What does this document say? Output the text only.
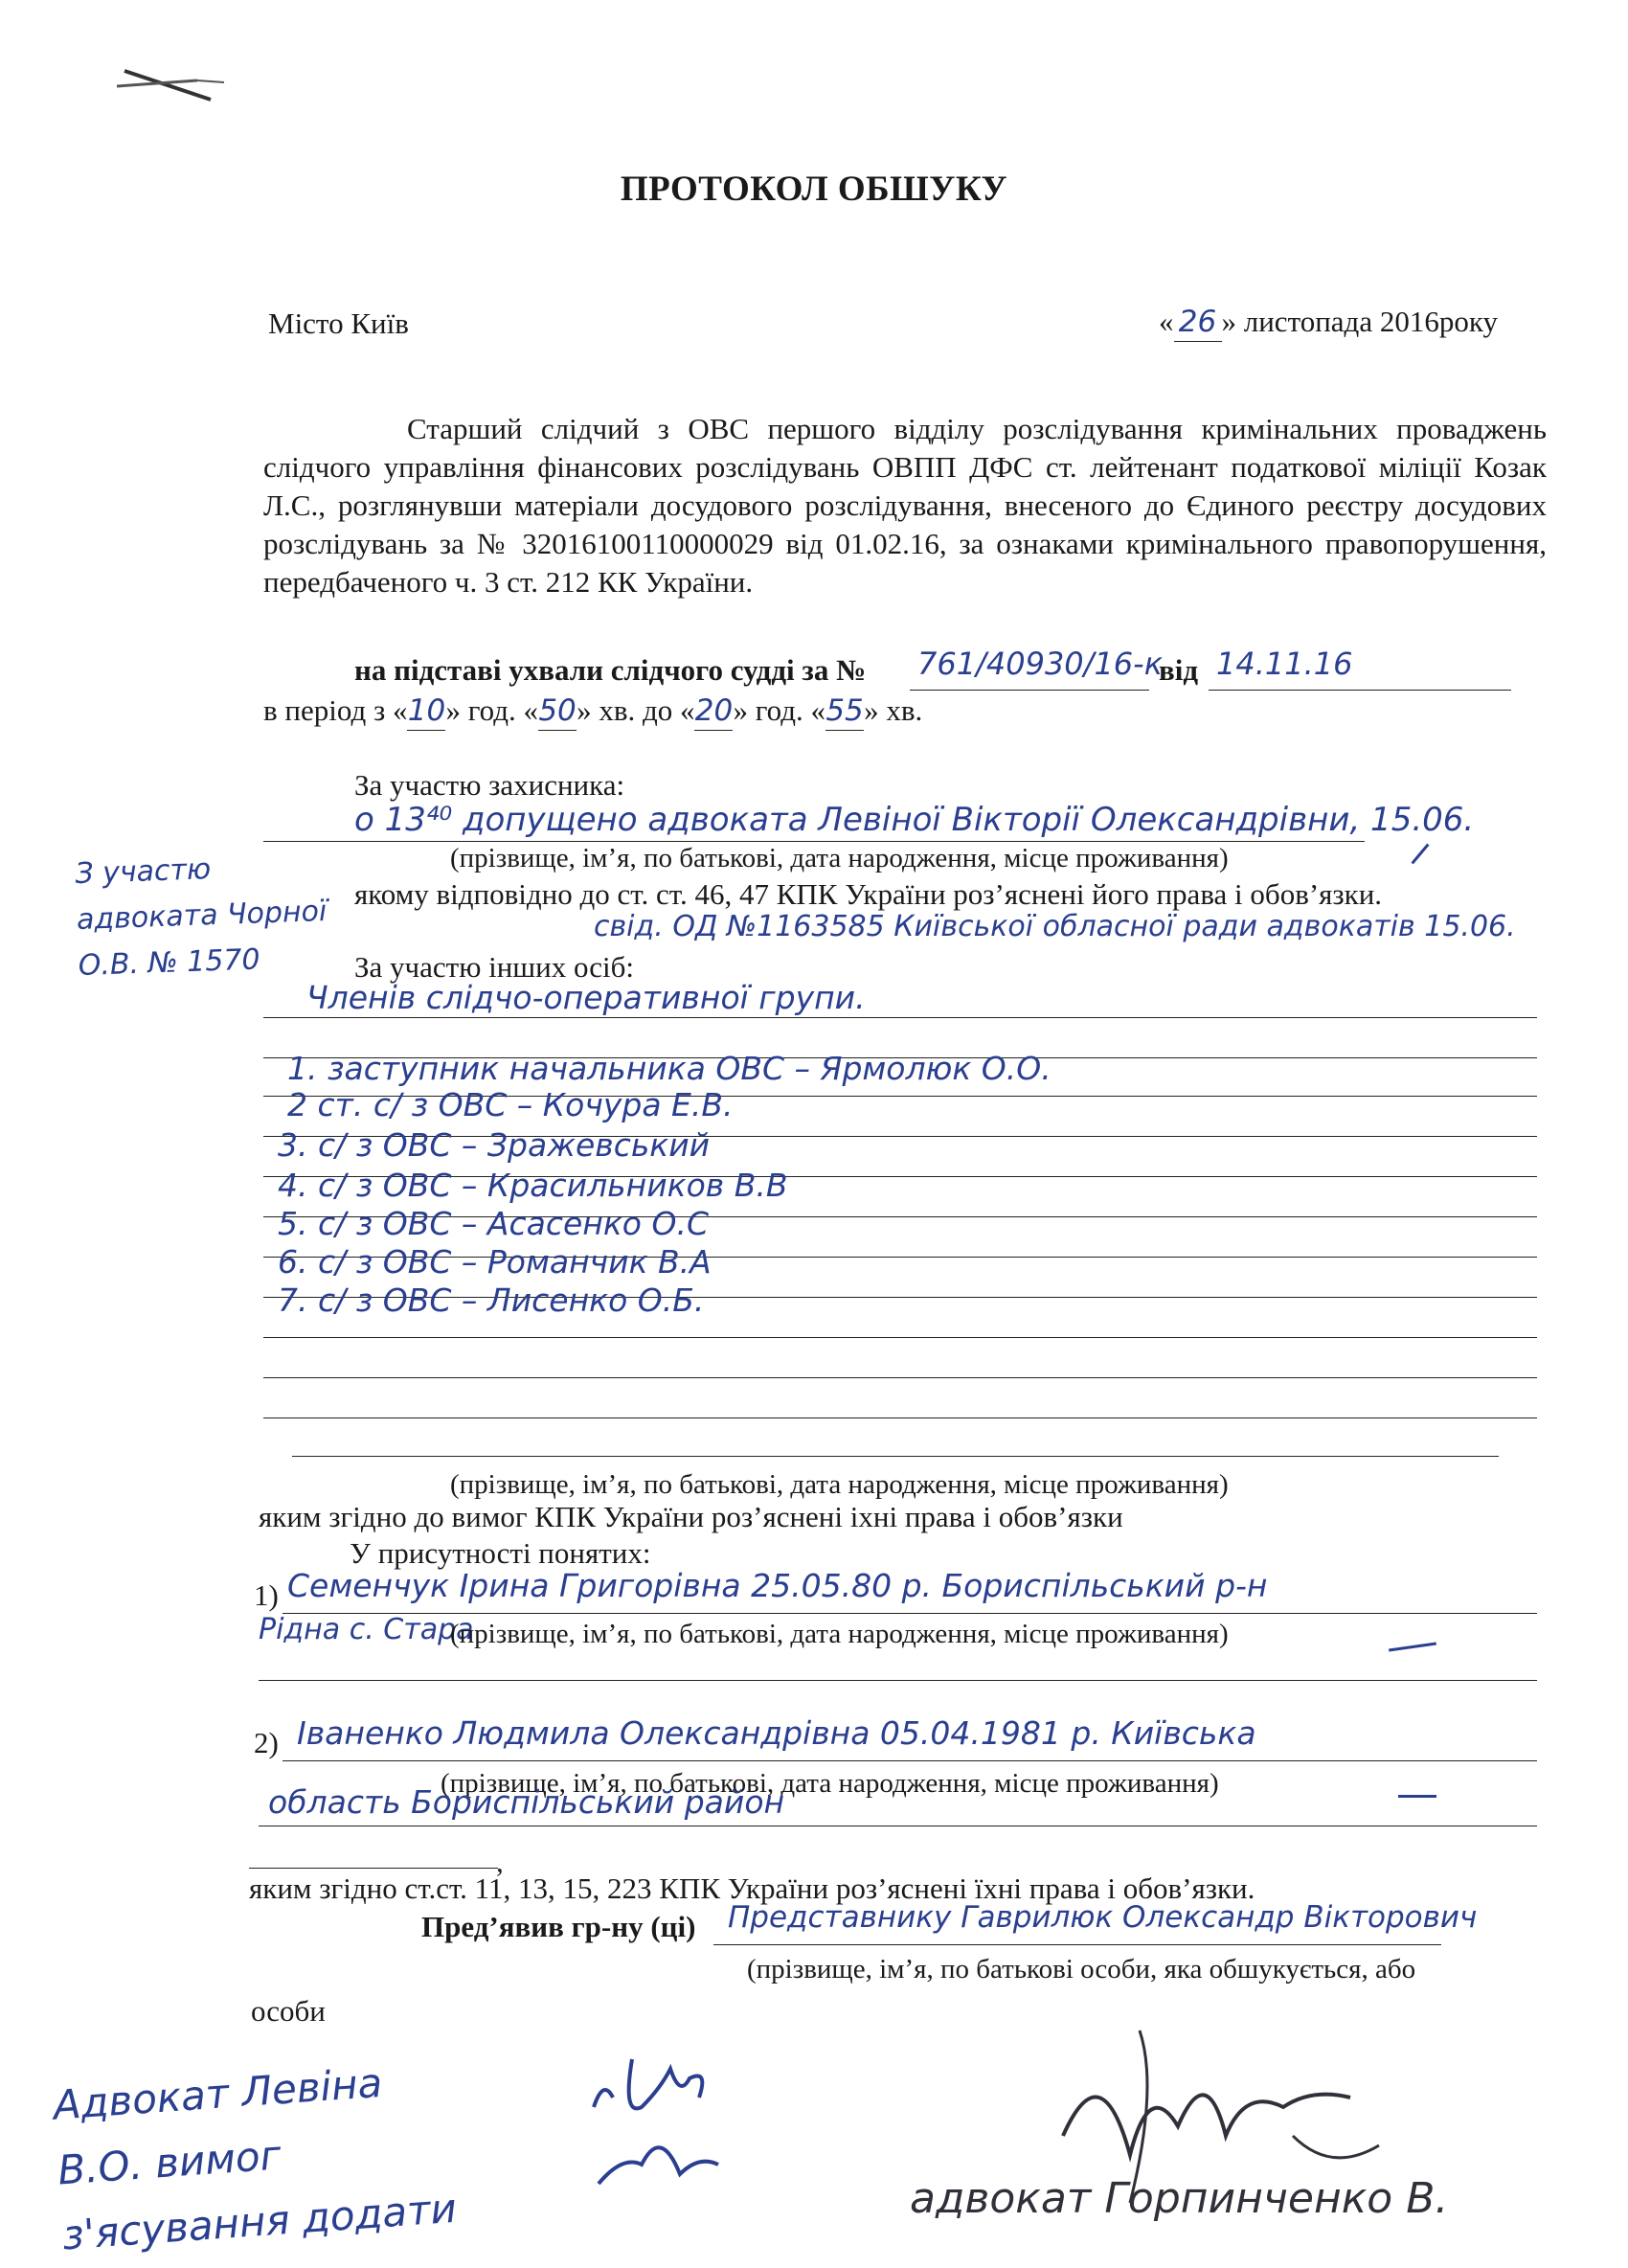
ПРОТОКОЛ ОБШУКУ
Місто Київ	« 26 » листопада 2016року
Старший слідчий з ОВС першого відділу розслідування кримінальних проваджень слідчого управління фінансових розслідувань ОВПП ДФС ст. лейтенант податкової міліції Козак Л.С., розглянувши матеріали досудового розслідування, внесеного до Єдиного реєстру досудових розслідувань за № 32016100110000029 від 01.02.16, за ознаками кримінального правопорушення, передбаченого ч. 3 ст. 212 КК України.
на підставі ухвали слідчого судді за № 761/40930/16-к
від 14.11.16
в період з «10» год. «50» хв. до «20» год. «55» хв.
За участю захисника:
о 13⁴⁰ допущено адвоката Левіної Вікторії Олександрівни, 15.06.
(прізвище, ім’я, по батькові, дата народження, місце проживання)
якому відповідно до ст. ст. 46, 47 КПК України роз’яснені його права і обов’язки.
свід. ОД №1163585 Київської обласної ради адвокатів 15.06.
З участю адвоката Чорної О.В. № 1570	За участю інших осіб:
Членів слідчо-оперативної групи.
1. заступник начальника ОВС – Ярмолюк О.О.
2 ст. с/ з ОВС – Кочура Е.В.
3. с/ з ОВС – Зражевський
4. с/ з ОВС – Красильников В.В
5. с/ з ОВС – Асасенко О.С
6. с/ з ОВС – Романчик В.А
7. с/ з ОВС – Лисенко О.Б.
(прізвище, ім’я, по батькові, дата народження, місце проживання)
яким згідно до вимог КПК України роз’яснені іхні права і обов’язки
У присутності понятих:
1) Семенчук Ірина Григорівна 25.05.80 р. Бориспільський р-н
Рідна с. Стара
(прізвище, ім’я, по батькові, дата народження, місце проживання)
2) Іваненко Людмила Олександрівна 05.04.1981 р. Київська
(прізвище, ім’я, по батькові, дата народження, місце проживання)
область Бориспільський район
,
яким згідно ст.ст. 11, 13, 15, 223 КПК України роз’яснені їхні права і обов’язки.
Пред’явив гр-ну (ці) Представнику Гаврилюк Олександр Вікторович
(прізвище, ім’я, по батькові особи, яка обшукується, або
особи
Адвокат Левіна В.О. вимог з'ясування додати	адвокат Горпинченко В.
